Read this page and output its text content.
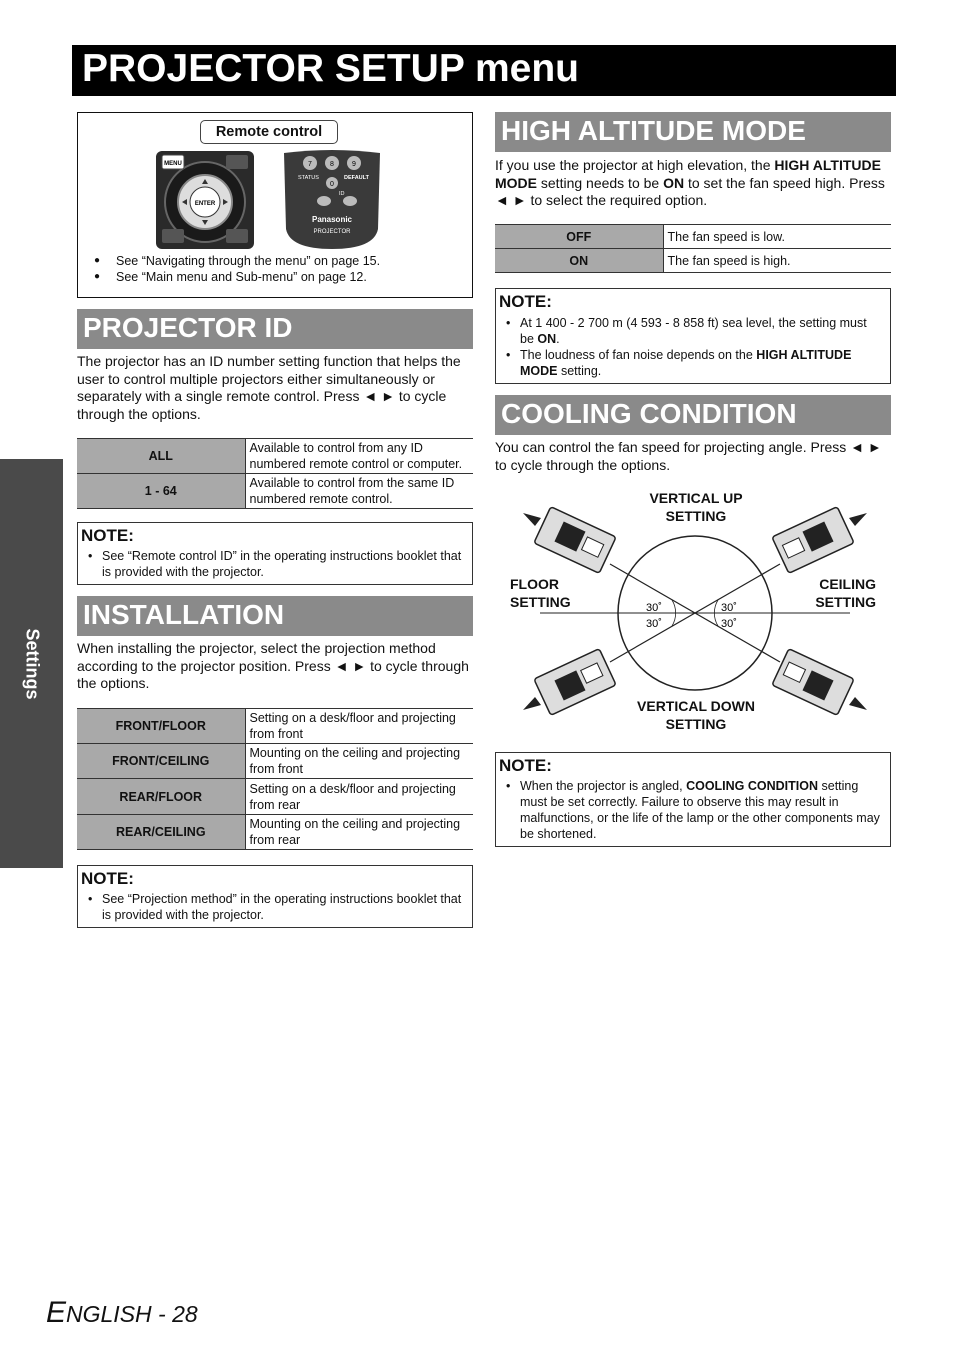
PROJECTOR SETUP menu
Settings
Remote control
ENTER
MENU	7	8	9
STATUS	DEFAULT
0
ID
Panasonic
PROJECTOR
● See “Navigating through the menu” on page 15.
● See “Main menu and Sub-menu” on page 12.
PROJECTOR ID
The projector has an ID number setting function that helps the user to control multiple projectors either simultaneously or separately with a single remote control. Press ◄ ► to cycle through the options.
ALL	Available to control from any ID numbered remote control or computer.
1 - 64	Available to control from the same ID numbered remote control.
NOTE:
• See “Remote control ID” in the operating instructions booklet that is provided with the projector.
INSTALLATION
When installing the projector, select the projection method according to the projector position. Press ◄ ► to cycle through the options.
FRONT/FLOOR	Setting on a desk/floor and projecting from front
FRONT/CEILING	Mounting on the ceiling and projecting from front
REAR/FLOOR	Setting on a desk/floor and projecting from rear
REAR/CEILING	Mounting on the ceiling and projecting from rear
NOTE:
• See “Projection method” in the operating instructions booklet that is provided with the projector.
HIGH ALTITUDE MODE
If you use the projector at high elevation, the HIGH ALTITUDE MODE setting needs to be ON to set the fan speed high. Press ◄ ► to select the required option.
OFF	The fan speed is low.
ON	The fan speed is high.
NOTE:
• At 1 400 - 2 700 m (4 593 - 8 858 ft) sea level, the setting must be ON.
• The loudness of fan noise depends on the HIGH ALTITUDE MODE setting.
COOLING CONDITION
You can control the fan speed for projecting angle. Press ◄ ► to cycle through the options.
30˚
30˚
30˚
30˚
VERTICAL UP
SETTING
FLOOR
SETTING
CEILING
SETTING
VERTICAL DOWN
SETTING
NOTE:
• When the projector is angled, COOLING CONDITION setting must be set correctly. Failure to observe this may result in malfunctions, or the life of the lamp or the other components may be shortened.
ENGLISH - 28
